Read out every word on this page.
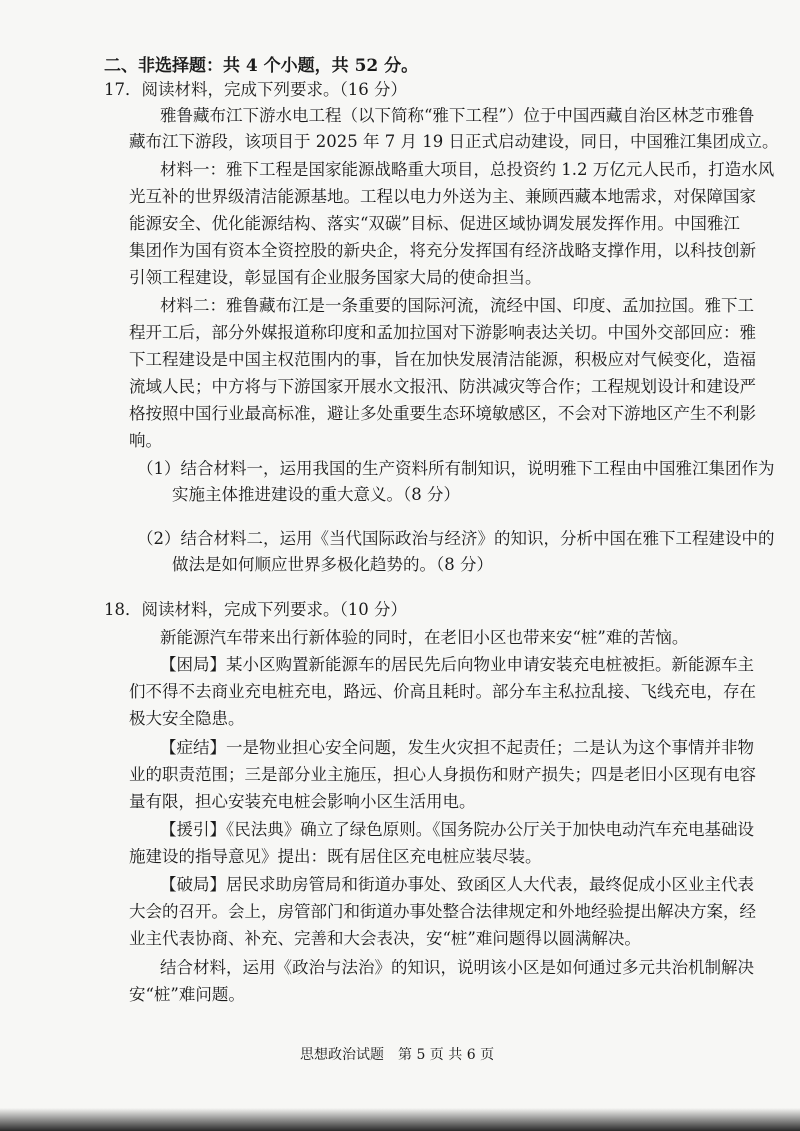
二、非选择题：共 4 个小题，共 52 分。
17．阅读材料，完成下列要求。（16 分）
雅鲁藏布江下游水电工程（以下简称“雅下工程”）位于中国西藏自治区林芝市雅鲁
藏布江下游段，该项目于 2025 年 7 月 19 日正式启动建设，同日，中国雅江集团成立。
材料一：雅下工程是国家能源战略重大项目，总投资约 1.2 万亿元人民币，打造水风
光互补的世界级清洁能源基地。工程以电力外送为主、兼顾西藏本地需求，对保障国家
能源安全、优化能源结构、落实“双碳”目标、促进区域协调发展发挥作用。中国雅江
集团作为国有资本全资控股的新央企，将充分发挥国有经济战略支撑作用，以科技创新
引领工程建设，彰显国有企业服务国家大局的使命担当。
材料二：雅鲁藏布江是一条重要的国际河流，流经中国、印度、孟加拉国。雅下工
程开工后，部分外媒报道称印度和孟加拉国对下游影响表达关切。中国外交部回应：雅
下工程建设是中国主权范围内的事，旨在加快发展清洁能源，积极应对气候变化，造福
流域人民；中方将与下游国家开展水文报汛、防洪减灾等合作；工程规划设计和建设严
格按照中国行业最高标准，避让多处重要生态环境敏感区，不会对下游地区产生不利影
响。
（1）结合材料一，运用我国的生产资料所有制知识，说明雅下工程由中国雅江集团作为
实施主体推进建设的重大意义。（8 分）
（2）结合材料二，运用《当代国际政治与经济》的知识，分析中国在雅下工程建设中的
做法是如何顺应世界多极化趋势的。（8 分）
18．阅读材料，完成下列要求。（10 分）
新能源汽车带来出行新体验的同时，在老旧小区也带来安“桩”难的苦恼。
【困局】某小区购置新能源车的居民先后向物业申请安装充电桩被拒。新能源车主
们不得不去商业充电桩充电，路远、价高且耗时。部分车主私拉乱接、飞线充电，存在
极大安全隐患。
【症结】一是物业担心安全问题，发生火灾担不起责任；二是认为这个事情并非物
业的职责范围；三是部分业主施压，担心人身损伤和财产损失；四是老旧小区现有电容
量有限，担心安装充电桩会影响小区生活用电。
【援引】《民法典》确立了绿色原则。《国务院办公厅关于加快电动汽车充电基础设
施建设的指导意见》提出：既有居住区充电桩应装尽装。
【破局】居民求助房管局和街道办事处、致函区人大代表，最终促成小区业主代表
大会的召开。会上，房管部门和街道办事处整合法律规定和外地经验提出解决方案，经
业主代表协商、补充、完善和大会表决，安“桩”难问题得以圆满解决。
结合材料，运用《政治与法治》的知识，说明该小区是如何通过多元共治机制解决
安“桩”难问题。
思想政治试题　第 5 页 共 6 页
